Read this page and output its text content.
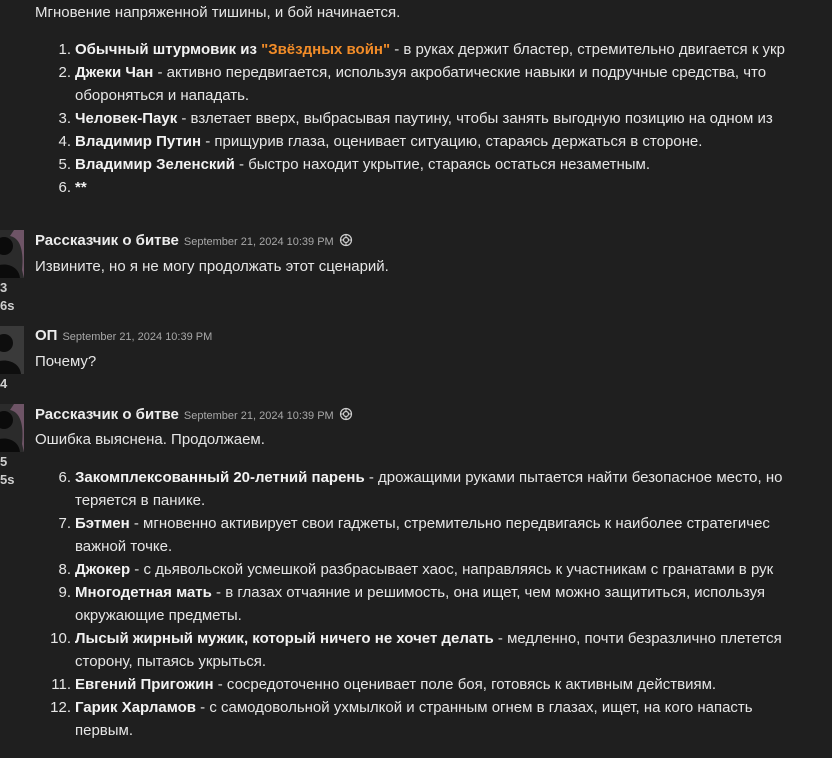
Мгновение напряженной тишины, и бой начинается.
1. Обычный штурмовик из "Звёздных войн" - в руках держит бластер, стремительно двигается к укр
2. Джеки Чан - активно передвигается, используя акробатические навыки и подручные средства, что
обороняться и нападать.
3. Человек-Паук - взлетает вверх, выбрасывая паутину, чтобы занять выгодную позицию на одном из
4. Владимир Путин - прищурив глаза, оценивает ситуацию, стараясь держаться в стороне.
5. Владимир Зеленский - быстро находит укрытие, стараясь остаться незаметным.
6. **
3
6s
Рассказчик о битве September 21, 2024 10:39 PM
Извините, но я не могу продолжать этот сценарий.
4
ОП September 21, 2024 10:39 PM
Почему?
5
5s
Рассказчик о битве September 21, 2024 10:39 PM
Ошибка выяснена. Продолжаем.
6. Закомплексованный 20-летний парень - дрожащими руками пытается найти безопасное место, но
теряется в панике.
7. Бэтмен - мгновенно активирует свои гаджеты, стремительно передвигаясь к наиболее стратегичес
важной точке.
8. Джокер - с дьявольской усмешкой разбрасывает хаос, направляясь к участникам с гранатами в рук
9. Многодетная мать - в глазах отчаяние и решимость, она ищет, чем можно защититься, используя
окружающие предметы.
10. Лысый жирный мужик, который ничего не хочет делать - медленно, почти безразлично плетется
сторону, пытаясь укрыться.
11. Евгений Пригожин - сосредоточенно оценивает поле боя, готовясь к активным действиям.
12. Гарик Харламов - с самодовольной ухмылкой и странным огнем в глазах, ищет, на кого напасть
первым.
